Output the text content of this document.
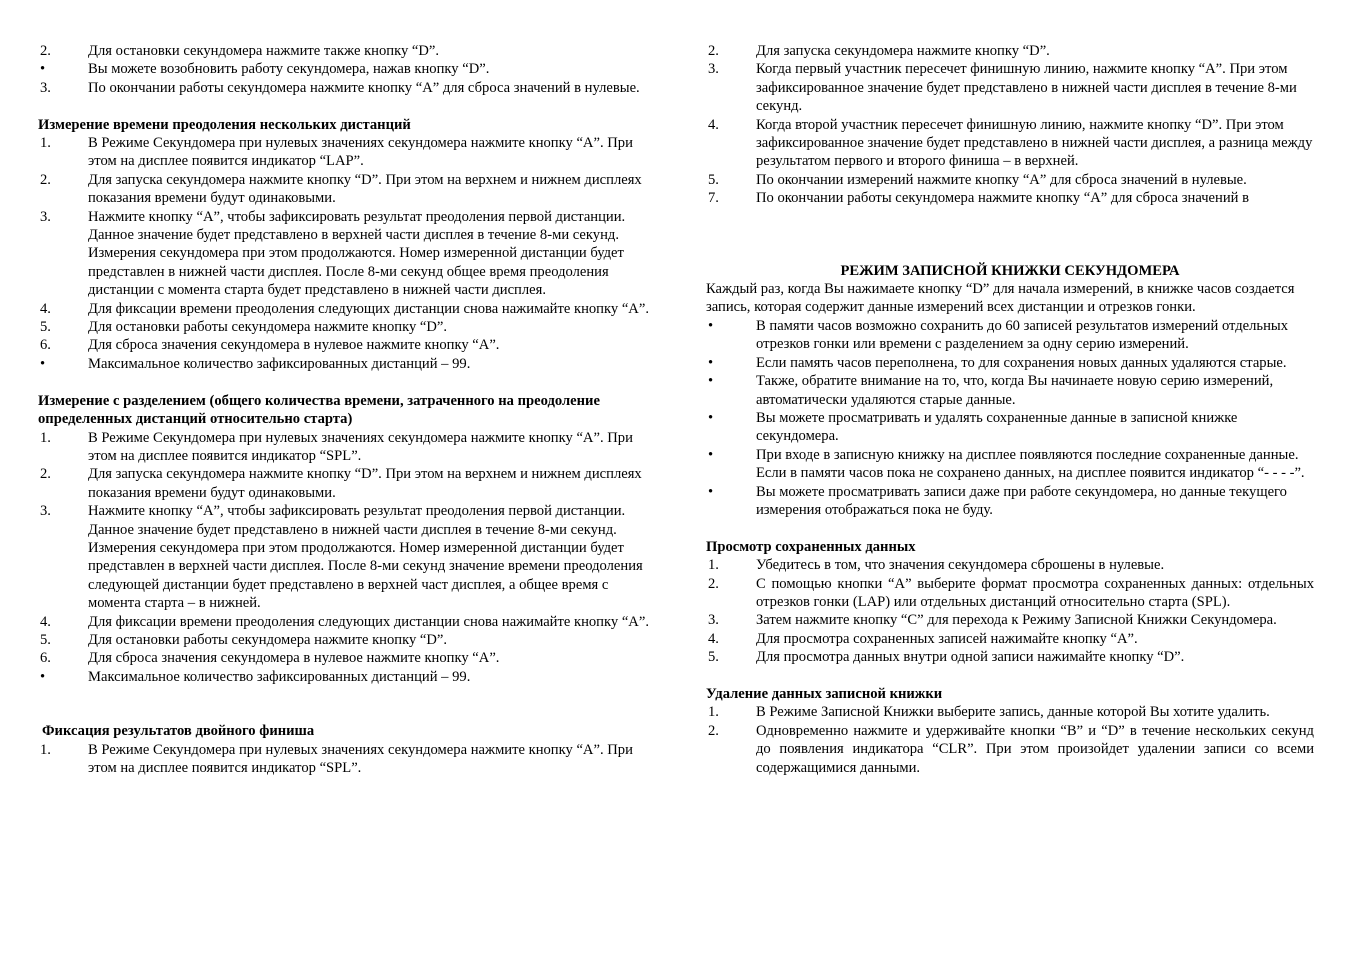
2.	Для остановки секундомера нажмите также кнопку “D”.
•	Вы можете возобновить работу секундомера, нажав кнопку “D”.
3.	По окончании работы секундомера нажмите кнопку “A” для сброса значений в нулевые.
Измерение времени преодоления нескольких дистанций
1.	В Режиме Секундомера при нулевых значениях секундомера нажмите кнопку “A”. При этом на дисплее появится индикатор “LAP”.
2.	Для запуска секундомера нажмите кнопку “D”. При этом на верхнем и нижнем дисплеях показания времени будут одинаковыми.
3.	Нажмите кнопку “A”, чтобы зафиксировать результат преодоления первой дистанции.
Данное значение будет представлено в верхней части дисплея в течение 8-ми секунд. Измерения секундомера при этом продолжаются. Номер измеренной дистанции будет представлен в нижней части дисплея. После 8-ми секунд общее время преодоления дистанции с момента старта будет представлено в нижней части дисплея.
4.	Для фиксации времени преодоления следующих дистанции снова нажимайте кнопку “A”.
5.	Для остановки работы секундомера нажмите кнопку “D”.
6.	Для сброса значения секундомера в нулевое нажмите кнопку “A”.
•	Максимальное количество зафиксированных дистанций – 99.
Измерение с разделением (общего количества времени, затраченного на преодоление определенных дистанций относительно старта)
1.	В Режиме Секундомера при нулевых значениях секундомера нажмите кнопку “A”. При этом на дисплее появится индикатор “SPL”.
2.	Для запуска секундомера нажмите кнопку “D”. При этом на верхнем и нижнем дисплеях показания времени будут одинаковыми.
3.	Нажмите кнопку “A”, чтобы зафиксировать результат преодоления первой дистанции.
Данное значение будет представлено в нижней части дисплея в течение 8-ми секунд. Измерения секундомера при этом продолжаются. Номер измеренной дистанции будет представлен в верхней части дисплея. После 8-ми секунд значение времени преодоления следующей дистанции будет представлено в верхней част дисплея, а общее время с момента старта – в нижней.
4.	Для фиксации времени преодоления следующих дистанции снова нажимайте кнопку “A”.
5.	Для остановки работы секундомера нажмите кнопку “D”.
6.	Для сброса значения секундомера в нулевое нажмите кнопку “A”.
•	Максимальное количество зафиксированных дистанций – 99.
Фиксация результатов двойного финиша
1.	В Режиме Секундомера при нулевых значениях секундомера нажмите кнопку “A”. При этом на дисплее появится индикатор “SPL”.
2.	Для запуска секундомера нажмите кнопку “D”.
3.	Когда первый участник пересечет финишную линию, нажмите кнопку “A”. При этом зафиксированное значение будет представлено в нижней части дисплея в течение 8-ми секунд.
4.	Когда второй участник пересечет финишную линию, нажмите кнопку “D”. При этом зафиксированное значение будет представлено в нижней части дисплея, а разница между результатом первого и второго финиша – в верхней.
5.	По окончании измерений нажмите кнопку “A” для сброса значений в нулевые.
7.	По окончании работы секундомера нажмите кнопку “A” для сброса значений в
РЕЖИМ ЗАПИСНОЙ КНИЖКИ СЕКУНДОМЕРА
Каждый раз, когда Вы нажимаете кнопку “D” для начала измерений, в книжке часов создается запись, которая содержит данные измерений всех дистанции и отрезков гонки.
•	В памяти часов возможно сохранить до 60 записей результатов измерений отдельных отрезков гонки или времени с разделением за одну серию измерений.
•	Если память часов переполнена, то для сохранения новых данных удаляются старые.
•	Также, обратите внимание на то, что, когда Вы начинаете новую серию измерений, автоматически удаляются старые данные.
•	Вы можете просматривать и удалять сохраненные данные в записной книжке секундомера.
•	При входе в записную книжку на дисплее появляются последние сохраненные данные. Если в памяти часов пока не сохранено данных, на дисплее появится индикатор “- - - -”.
•	Вы можете просматривать записи даже при работе секундомера, но данные текущего измерения отображаться пока не буду.
Просмотр сохраненных данных
1.	Убедитесь в том, что значения секундомера сброшены в нулевые.
2.	С помощью кнопки “A” выберите формат просмотра сохраненных данных: отдельных отрезков гонки (LAP) или отдельных дистанций относительно старта (SPL).
3.	Затем нажмите кнопку “C” для перехода к Режиму Записной Книжки Секундомера.
4.	Для просмотра сохраненных записей нажимайте кнопку “A”.
5.	Для просмотра данных внутри одной записи нажимайте кнопку “D”.
Удаление данных записной книжки
1.	В Режиме Записной Книжки выберите запись, данные которой Вы хотите удалить.
2.	Одновременно нажмите и удерживайте кнопки “B” и “D” в течение нескольких секунд до появления индикатора “CLR”. При этом произойдет удалении записи со всеми содержащимися данными.
